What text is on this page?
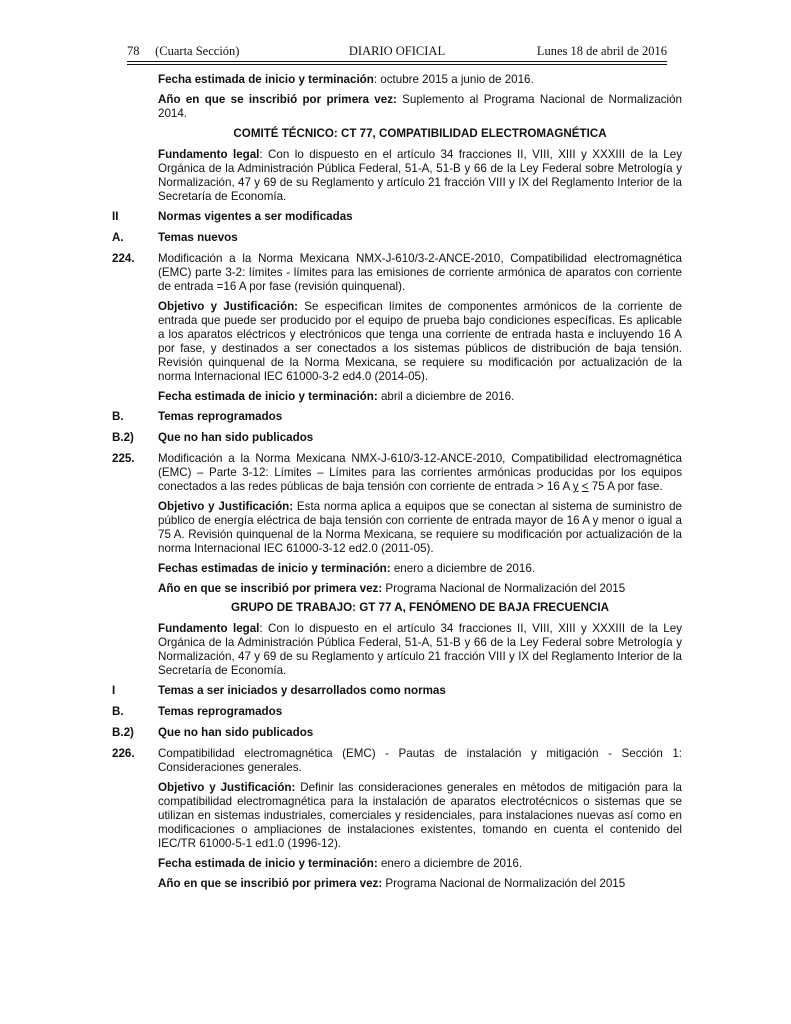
78     (Cuarta Sección)	DIARIO OFICIAL	Lunes 18 de abril de 2016

Fecha estimada de inicio y terminación: octubre 2015 a junio de 2016.

Año en que se inscribió por primera vez: Suplemento al Programa Nacional de Normalización 2014.

COMITÉ TÉCNICO: CT 77, COMPATIBILIDAD ELECTROMAGNÉTICA

Fundamento legal: Con lo dispuesto en el artículo 34 fracciones II, VIII, XIII y XXXIII de la Ley Orgánica de la Administración Pública Federal, 51-A, 51-B y 66 de la Ley Federal sobre Metrología y Normalización, 47 y 69 de su Reglamento y artículo 21 fracción VIII y IX del Reglamento Interior de la Secretaría de Economía.

II	Normas vigentes a ser modificadas
A.	Temas nuevos
224.	Modificación a la Norma Mexicana NMX-J-610/3-2-ANCE-2010, Compatibilidad electromagnética (EMC) parte 3-2: límites - límites para las emisiones de corriente armónica de aparatos con corriente de entrada =16 A por fase (revisión quinquenal).

Objetivo y Justificación: Se especifican límites de componentes armónicos de la corriente de entrada que puede ser producido por el equipo de prueba bajo condiciones específicas. Es aplicable a los aparatos eléctricos y electrónicos que tenga una corriente de entrada hasta e incluyendo 16 A por fase, y destinados a ser conectados a los sistemas públicos de distribución de baja tensión. Revisión quinquenal de la Norma Mexicana, se requiere su modificación por actualización de la norma Internacional IEC 61000-3-2 ed4.0 (2014-05).

Fecha estimada de inicio y terminación: abril a diciembre de 2016.

B.	Temas reprogramados
B.2)	Que no han sido publicados
225.	Modificación a la Norma Mexicana NMX-J-610/3-12-ANCE-2010, Compatibilidad electromagnética (EMC) – Parte 3-12: Límites – Límites para las corrientes armónicas producidas por los equipos conectados a las redes públicas de baja tensión con corriente de entrada > 16 A y < 75 A por fase.

Objetivo y Justificación: Esta norma aplica a equipos que se conectan al sistema de suministro de público de energía eléctrica de baja tensión con corriente de entrada mayor de 16 A y menor o igual a 75 A. Revisión quinquenal de la Norma Mexicana, se requiere su modificación por actualización de la norma Internacional IEC 61000-3-12 ed2.0 (2011-05).

Fechas estimadas de inicio y terminación: enero a diciembre de 2016.

Año en que se inscribió por primera vez: Programa Nacional de Normalización del 2015

GRUPO DE TRABAJO: GT 77 A, FENÓMENO DE BAJA FRECUENCIA

Fundamento legal: Con lo dispuesto en el artículo 34 fracciones II, VIII, XIII y XXXIII de la Ley Orgánica de la Administración Pública Federal, 51-A, 51-B y 66 de la Ley Federal sobre Metrología y Normalización, 47 y 69 de su Reglamento y artículo 21 fracción VIII y IX del Reglamento Interior de la Secretaría de Economía.

I	Temas a ser iniciados y desarrollados como normas
B.	Temas reprogramados
B.2)	Que no han sido publicados
226.	Compatibilidad electromagnética (EMC) - Pautas de instalación y mitigación - Sección 1: Consideraciones generales.

Objetivo y Justificación: Definir las consideraciones generales en métodos de mitigación para la compatibilidad electromagnética para la instalación de aparatos electrotécnicos o sistemas que se utilizan en sistemas industriales, comerciales y residenciales, para instalaciones nuevas así como en modificaciones o ampliaciones de instalaciones existentes, tomando en cuenta el contenido del IEC/TR 61000-5-1 ed1.0 (1996-12).

Fecha estimada de inicio y terminación: enero a diciembre de 2016.

Año en que se inscribió por primera vez: Programa Nacional de Normalización del 2015
